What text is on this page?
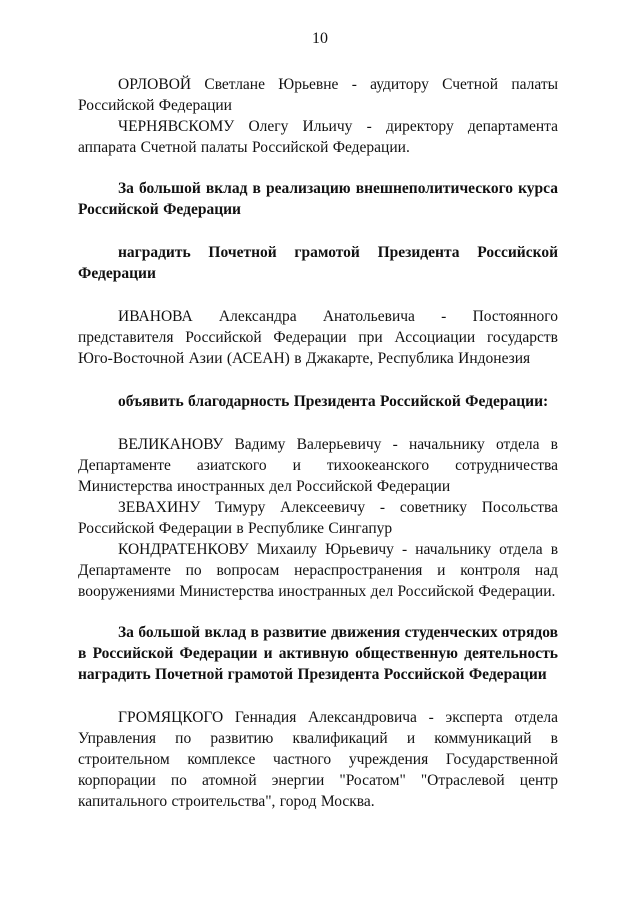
10

ОРЛОВОЙ Светлане Юрьевне - аудитору Счетной палаты Российской Федерации

ЧЕРНЯВСКОМУ Олегу Ильичу - директору департамента аппарата Счетной палаты Российской Федерации.

За большой вклад в реализацию внешнеполитического курса Российской Федерации

наградить Почетной грамотой Президента Российской Федерации

ИВАНОВА Александра Анатольевича - Постоянного представителя Российской Федерации при Ассоциации государств Юго-Восточной Азии (АСЕАН) в Джакарте, Республика Индонезия

объявить благодарность Президента Российской Федерации:

ВЕЛИКАНОВУ Вадиму Валерьевичу - начальнику отдела в Департаменте азиатского и тихоокеанского сотрудничества Министерства иностранных дел Российской Федерации

ЗЕВАХИНУ Тимуру Алексеевичу - советнику Посольства Российской Федерации в Республике Сингапур

КОНДРАТЕНКОВУ Михаилу Юрьевичу - начальнику отдела в Департаменте по вопросам нераспространения и контроля над вооружениями Министерства иностранных дел Российской Федерации.

За большой вклад в развитие движения студенческих отрядов в Российской Федерации и активную общественную деятельность наградить Почетной грамотой Президента Российской Федерации

ГРОМЯЦКОГО Геннадия Александровича - эксперта отдела Управления по развитию квалификаций и коммуникаций в строительном комплексе частного учреждения Государственной корпорации по атомной энергии "Росатом" "Отраслевой центр капитального строительства", город Москва.
